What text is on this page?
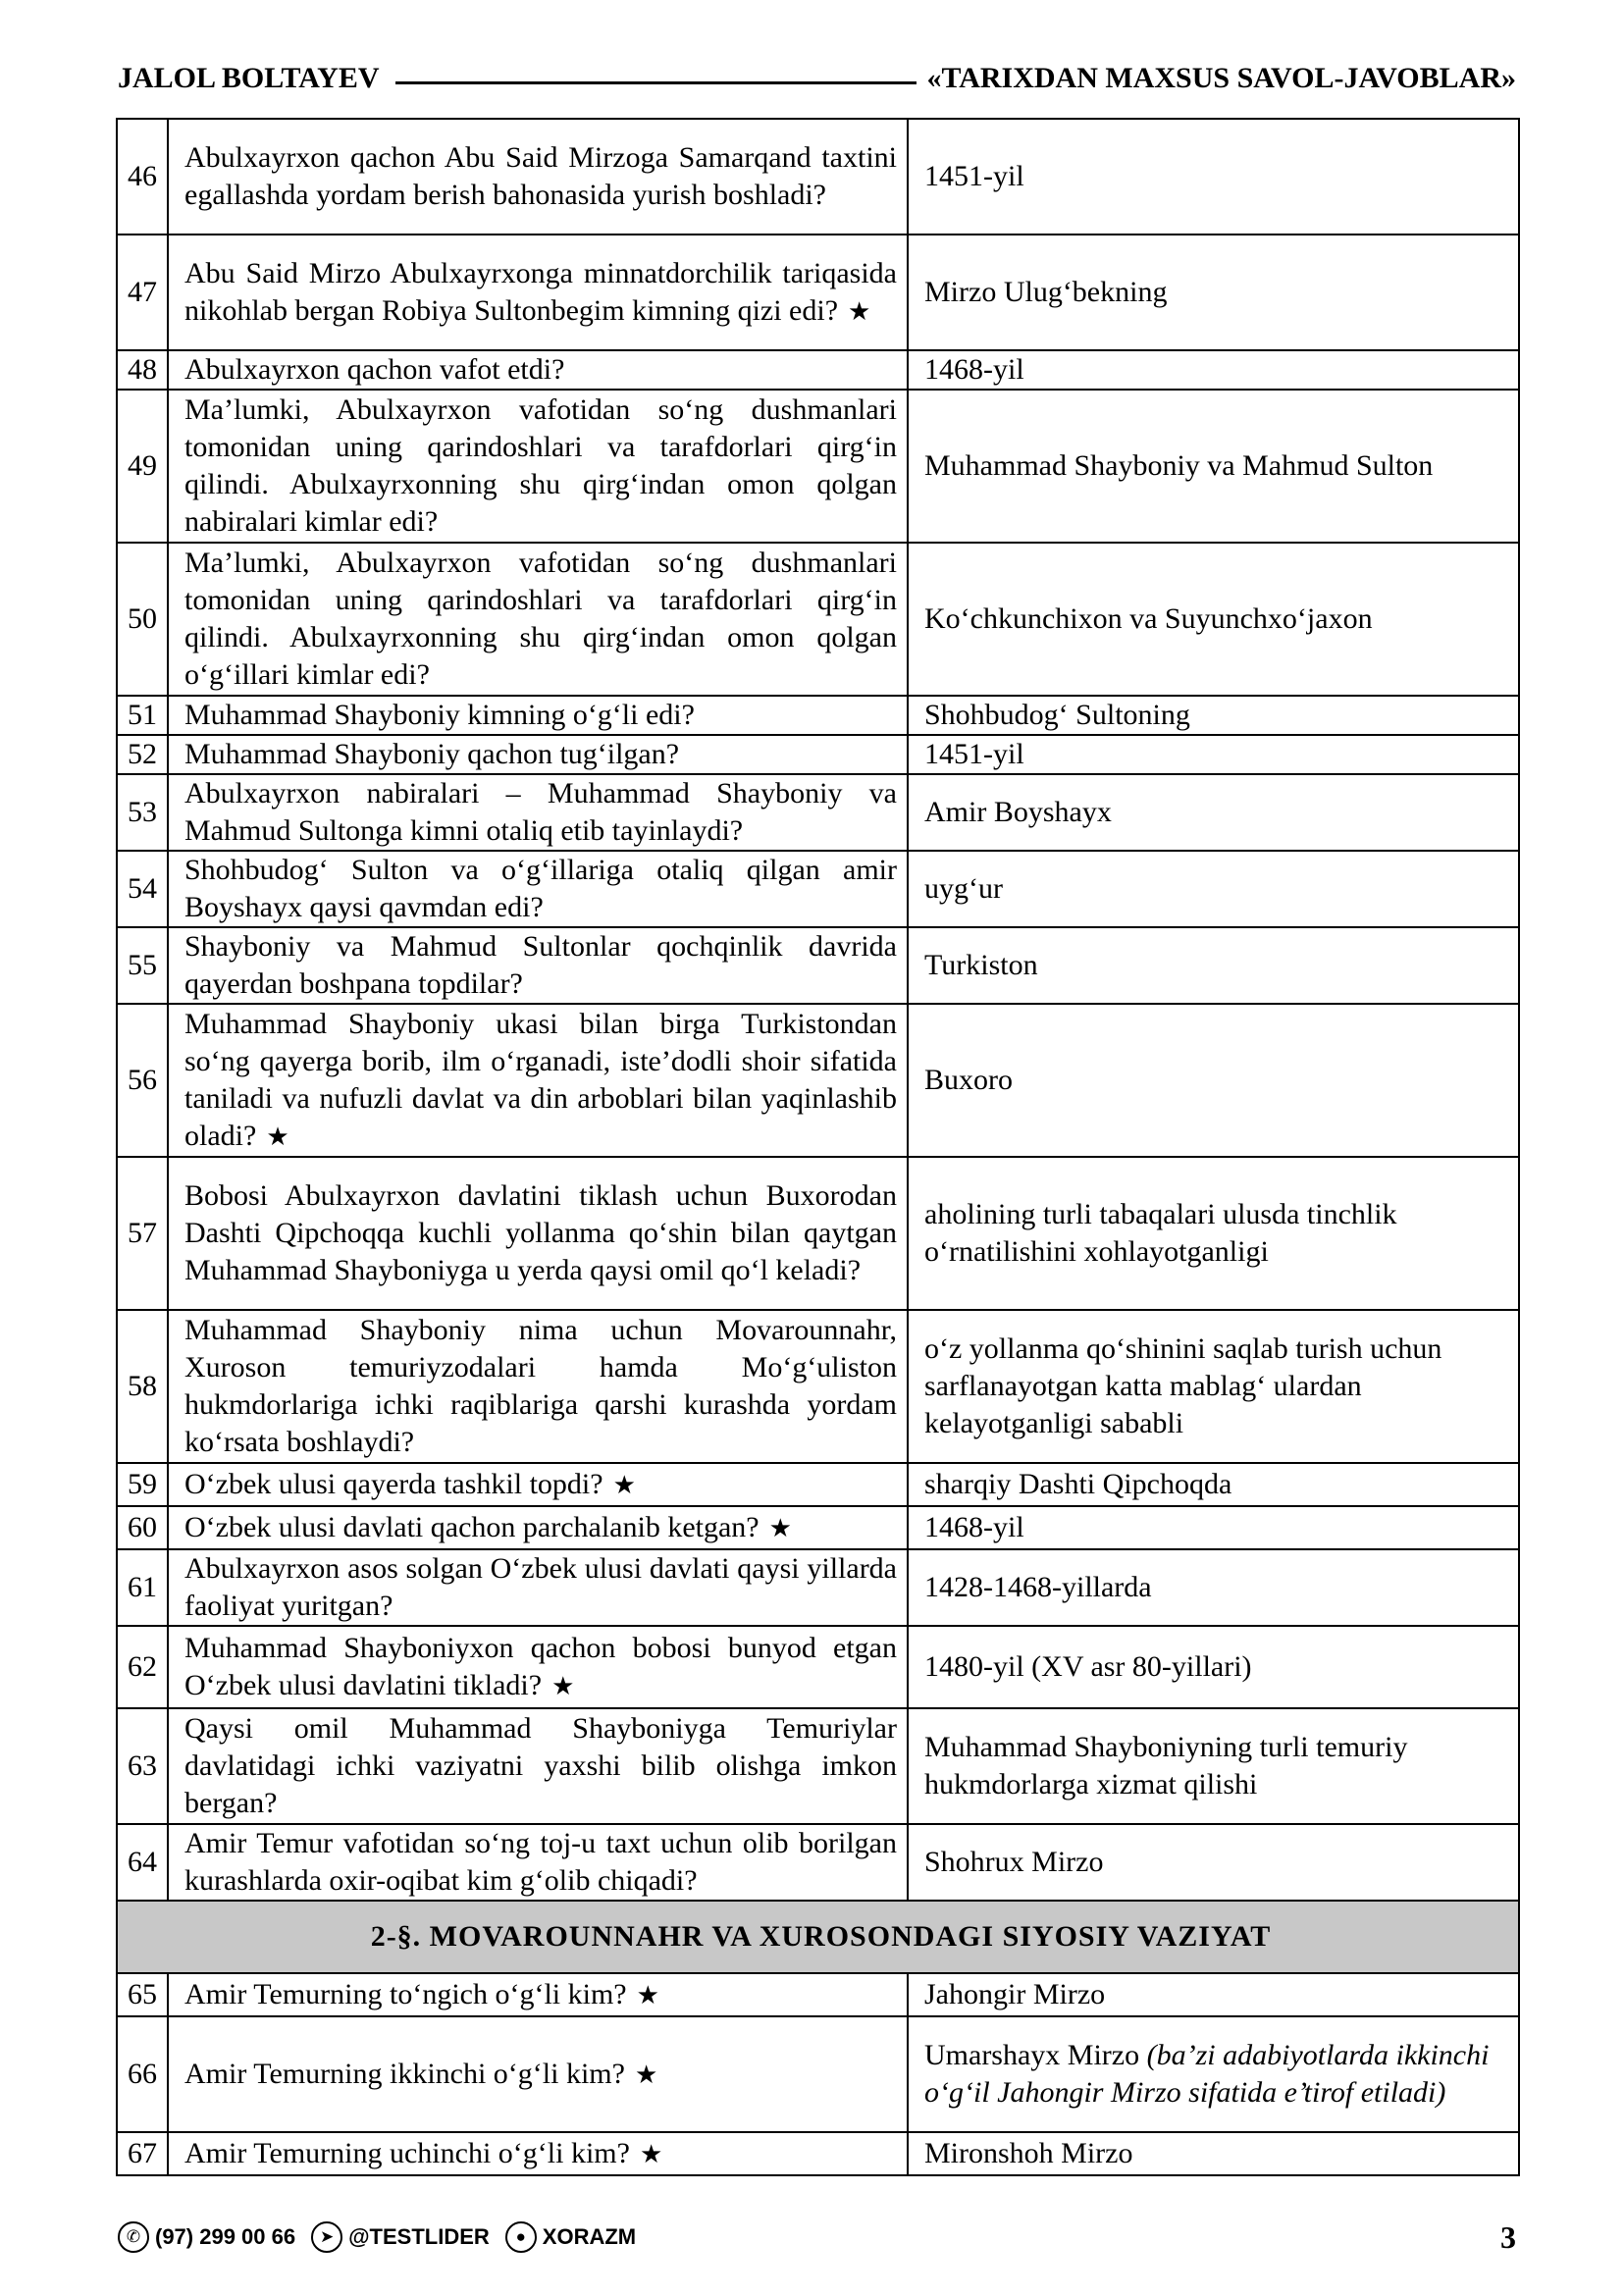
JALOL BOLTAYEV	«TARIXDAN MAXSUS SAVOL-JAVOBLAR»
46	Abulxayrxon qachon Abu Said Mirzoga Samarqand taxtini egallashda yordam berish bahonasida yurish boshladi?	1451-yil
47	Abu Said Mirzo Abulxayrxonga minnatdorchilik tariqasida nikohlab bergan Robiya Sultonbegim kimning qizi edi? ★	Mirzo Ulug‘bekning
48	Abulxayrxon qachon vafot etdi?	1468-yil
49	Ma’lumki, Abulxayrxon vafotidan so‘ng dushmanlari tomonidan uning qarindoshlari va tarafdorlari qirg‘in qilindi. Abulxayrxonning shu qirg‘indan omon qolgan nabiralari kimlar edi?	Muhammad Shayboniy va Mahmud Sulton
50	Ma’lumki, Abulxayrxon vafotidan so‘ng dushmanlari tomonidan uning qarindoshlari va tarafdorlari qirg‘in qilindi. Abulxayrxonning shu qirg‘indan omon qolgan o‘g‘illari kimlar edi?	Ko‘chkunchixon va Suyunchxo‘jaxon
51	Muhammad Shayboniy kimning o‘g‘li edi?	Shohbudog‘ Sultoning
52	Muhammad Shayboniy qachon tug‘ilgan?	1451-yil
53	Abulxayrxon nabiralari – Muhammad Shayboniy va Mahmud Sultonga kimni otaliq etib tayinlaydi?	Amir Boyshayx
54	Shohbudog‘ Sulton va o‘g‘illariga otaliq qilgan amir Boyshayx qaysi qavmdan edi?	uyg‘ur
55	Shayboniy va Mahmud Sultonlar qochqinlik davrida qayerdan boshpana topdilar?	Turkiston
56	Muhammad Shayboniy ukasi bilan birga Turkistondan so‘ng qayerga borib, ilm o‘rganadi, iste’dodli shoir sifatida taniladi va nufuzli davlat va din arboblari bilan yaqinlashib oladi? ★	Buxoro
57	Bobosi Abulxayrxon davlatini tiklash uchun Buxorodan Dashti Qipchoqqa kuchli yollanma qo‘shin bilan qaytgan Muhammad Shayboniyga u yerda qaysi omil qo‘l keladi?	aholining turli tabaqalari ulusda tinchlik o‘rnatilishini xohlayotganligi
58	Muhammad Shayboniy nima uchun Movarounnahr, Xuroson temuriyzodalari hamda Mo‘g‘uliston hukmdorlariga ichki raqiblariga qarshi kurashda yordam ko‘rsata boshlaydi?	o‘z yollanma qo‘shinini saqlab turish uchun sarflanayotgan katta mablag‘ ulardan kelayotganligi sababli
59	O‘zbek ulusi qayerda tashkil topdi? ★	sharqiy Dashti Qipchoqda
60	O‘zbek ulusi davlati qachon parchalanib ketgan? ★	1468-yil
61	Abulxayrxon asos solgan O‘zbek ulusi davlati qaysi yillarda faoliyat yuritgan?	1428-1468-yillarda
62	Muhammad Shayboniyxon qachon bobosi bunyod etgan O‘zbek ulusi davlatini tikladi? ★	1480-yil (XV asr 80-yillari)
63	Qaysi omil Muhammad Shayboniyga Temuriylar davlatidagi ichki vaziyatni yaxshi bilib olishga imkon bergan?	Muhammad Shayboniyning turli temuriy hukmdorlarga xizmat qilishi
64	Amir Temur vafotidan so‘ng toj-u taxt uchun olib borilgan kurashlarda oxir-oqibat kim g‘olib chiqadi?	Shohrux Mirzo
2-§. MOVAROUNNAHR VA XUROSONDAGI SIYOSIY VAZIYAT		
65	Amir Temurning to‘ngich o‘g‘li kim? ★	Jahongir Mirzo
66	Amir Temurning ikkinchi o‘g‘li kim? ★	Umarshayx Mirzo (ba’zi adabiyotlarda ikkinchi o‘g‘il Jahongir Mirzo sifatida e’tirof etiladi)
67	Amir Temurning uchinchi o‘g‘li kim? ★	Mironshoh Mirzo
✆ (97) 299 00 66	➤ @TESTLIDER	● XORAZM	3
